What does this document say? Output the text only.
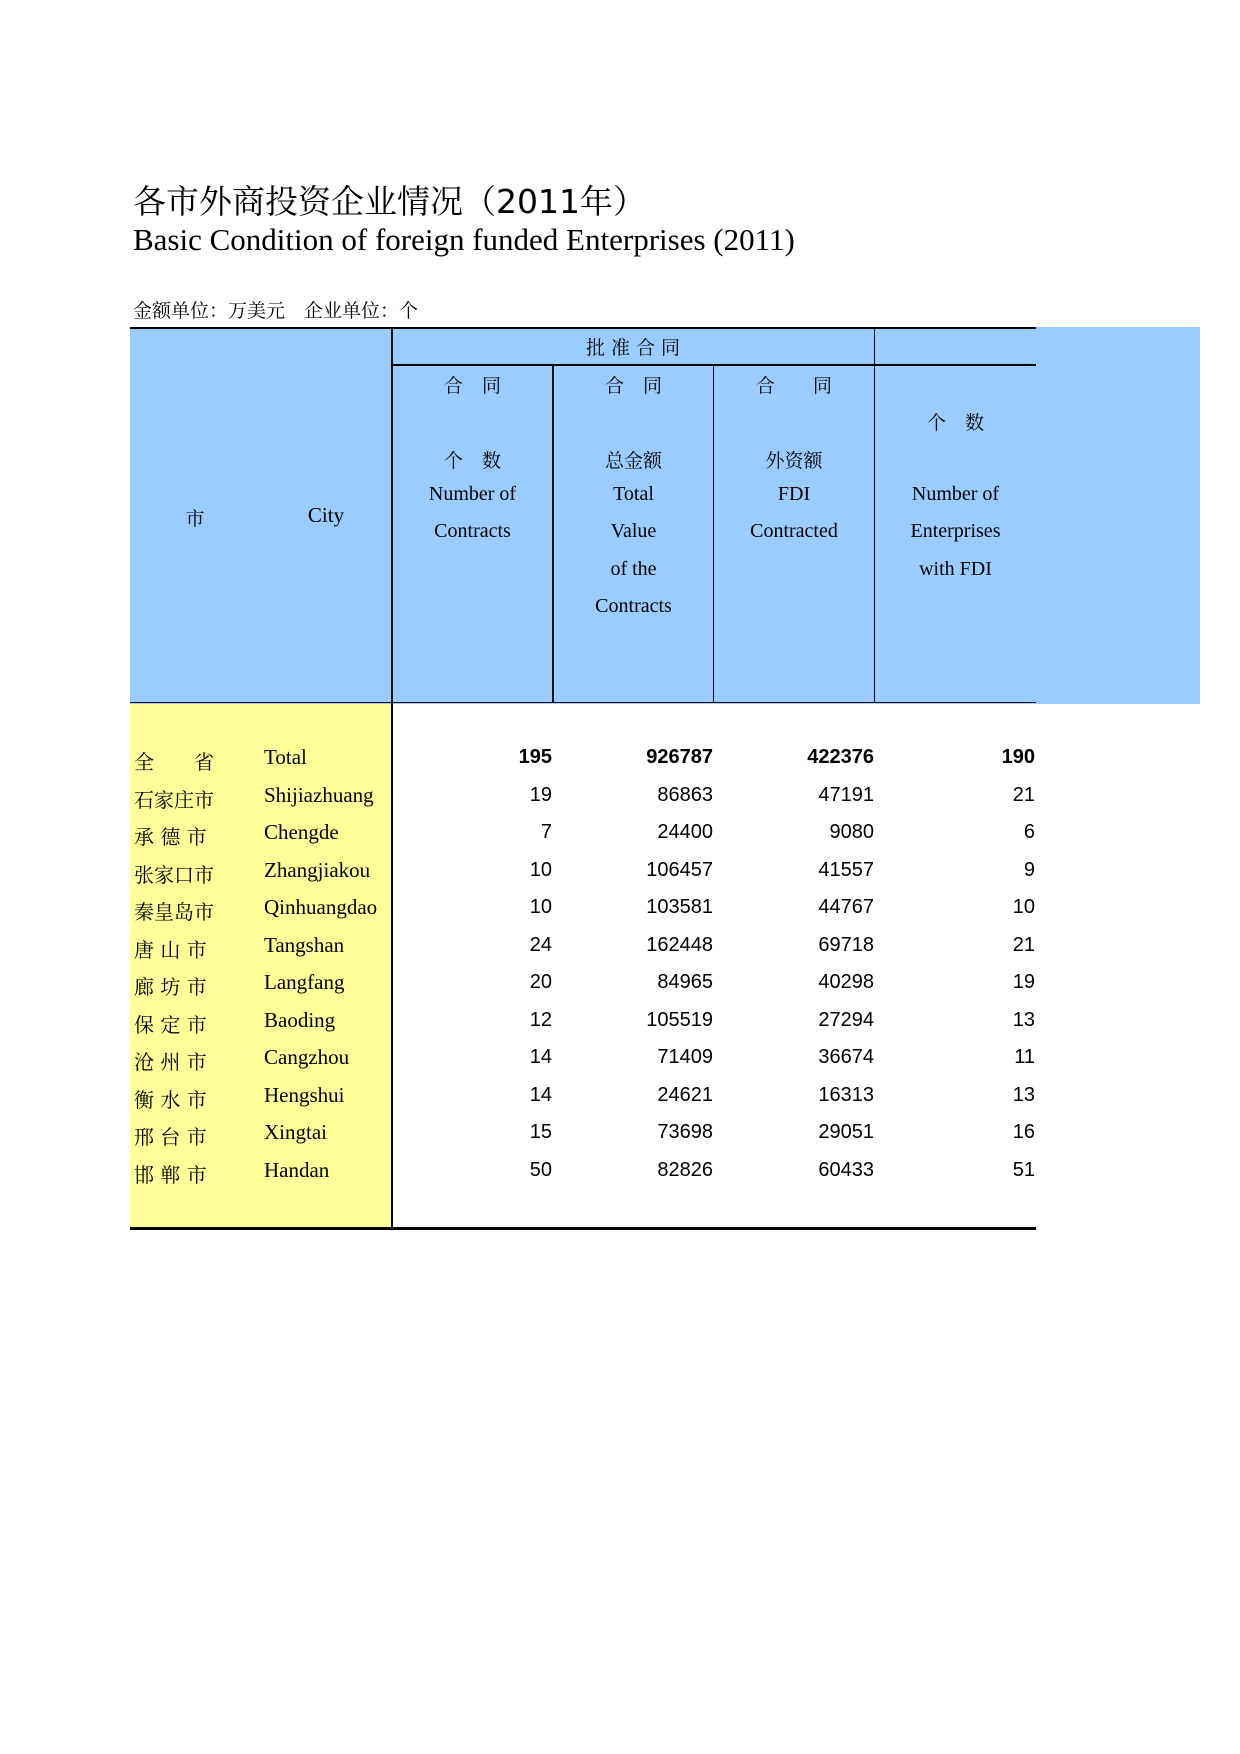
各市外商投资企业情况（2011年）
Basic Condition of foreign funded Enterprises (2011)
金额单位：万美元　企业单位：个
批 准 合 同
市	City
合　同
个　数
Number of
Contracts
合　同
总金额
Total
Value
of the
Contracts
合　　同
外资额
FDI
Contracted
个　数
Number of
Enterprises
with FDI
全　　省 Total	195	926787	422376	190
石家庄市 Shijiazhuang	19	86863	47191	21
承 德 市	Chengde	7	24400	9080	6
张家口市 Zhangjiakou	10	106457	41557	9
秦皇岛市 Qinhuangdao	10	103581	44767	10
唐 山 市	Tangshan	24	162448	69718	21
廊 坊 市	Langfang	20	84965	40298	19
保 定 市	Baoding	12	105519	27294	13
沧 州 市	Cangzhou	14	71409	36674	11
衡 水 市	Hengshui	14	24621	16313	13
邢 台 市	Xingtai	15	73698	29051	16
邯 郸 市	Handan	50	82826	60433	51
